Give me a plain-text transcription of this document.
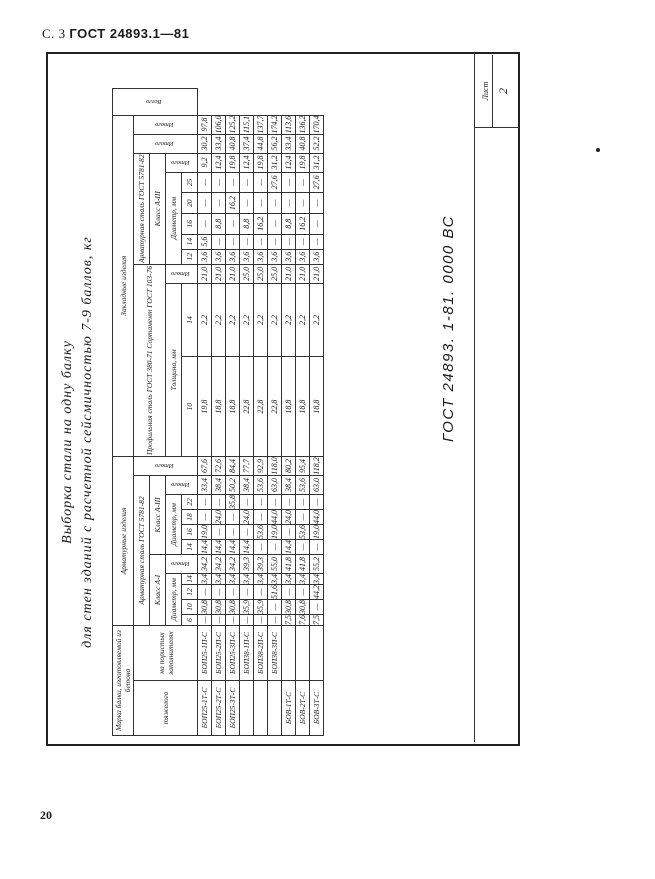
С. 3 ГОСТ 24893.1—81
Выборка стали на одну балку для стен зданий с расчетной сейсмичностью 7-9 баллов, кг
Марка балки, изготовляемой из бетона		Арматурные изделия											Закладные изделия											Всего
тяжелого	на пористых заполнителях	Арматурная сталь ГОСТ 5781-82										Итого	Профильная сталь ГОСТ 380-71 Сортамент ГОСТ 103-76			Арматурная сталь ГОСТ 5781-82						Итого	Итого	
		Класс А-I					Класс А-III									Класс А-III								
		Диаметр, мм				Итого	Диаметр, мм				Итого		Толщина, мм		Итого	Диаметр, мм					Итого			
		6	10	12	14		14	16	18	22			10	14		12	14	16	20	25				
БОП25-1Т-С	БОП25-1П-С	—	30,8	—	3,4	34,2	14,4	19,0	—	—	33,4	67,6	19,8	2,2	21,0	3,6	5,6	—	—	—	9,2	30,2	97,8	
БОП25-2Т-С	БОП25-2П-С	—	30,8	—	3,4	34,2	14,4	—	24,0	—	38,4	72,6	18,8	2,2	21,0	3,6	—	8,8	—	—	12,4	33,4	106,0	
БОП25-3Т-С	БОП25-3П-С	—	30,8	—	3,4	34,2	14,4	—	—	35,8	50,2	84,4	18,8	2,2	21,0	3,6	—	—	16,2	—	19,8	40,8	125,2	
	БОП38-1П-С	—	35,9	—	3,4	39,3	14,4	—	24,0	—	38,4	77,7	22,8	2,2	25,0	3,6	—	8,8	—	—	12,4	37,4	115,1	
	БОП38-2П-С	—	35,9	—	3,4	39,3	—	53,6	—	—	53,6	92,9	22,8	2,2	25,0	3,6	—	16,2	—	—	19,8	44,8	137,7	
	БОП38-3П-С	—	—	51,6	3,4	55,0	—	19,0	44,0	—	63,0	118,0	22,8	2,2	25,0	3,6	—	—	—	27,6	31,2	56,2	174,2	
БОВ-1Т-С		7,5	30,8	—	3,4	41,8	14,4	—	24,0	—	38,4	80,2	18,8	2,2	21,0	3,6	—	8,8	—	—	12,4	33,4	113,6	
БОВ-2Т-С		7,6	30,8	—	3,4	41,8	—	53,6	—	—	53,6	95,4	18,8	2,2	21,0	3,6	—	16,2	—	—	19,8	40,8	136,2	
БОВ-3Т-С		7,5	—	44,2	3,4	55,2	—	19,0	44,0	—	63,0	118,2	18,8	2,2	21,0	3,6	—	—	—	27,6	31,2	52,2	170,4	
ГОСТ 24893. 1-81. 0000 ВС
Лист 2
20
